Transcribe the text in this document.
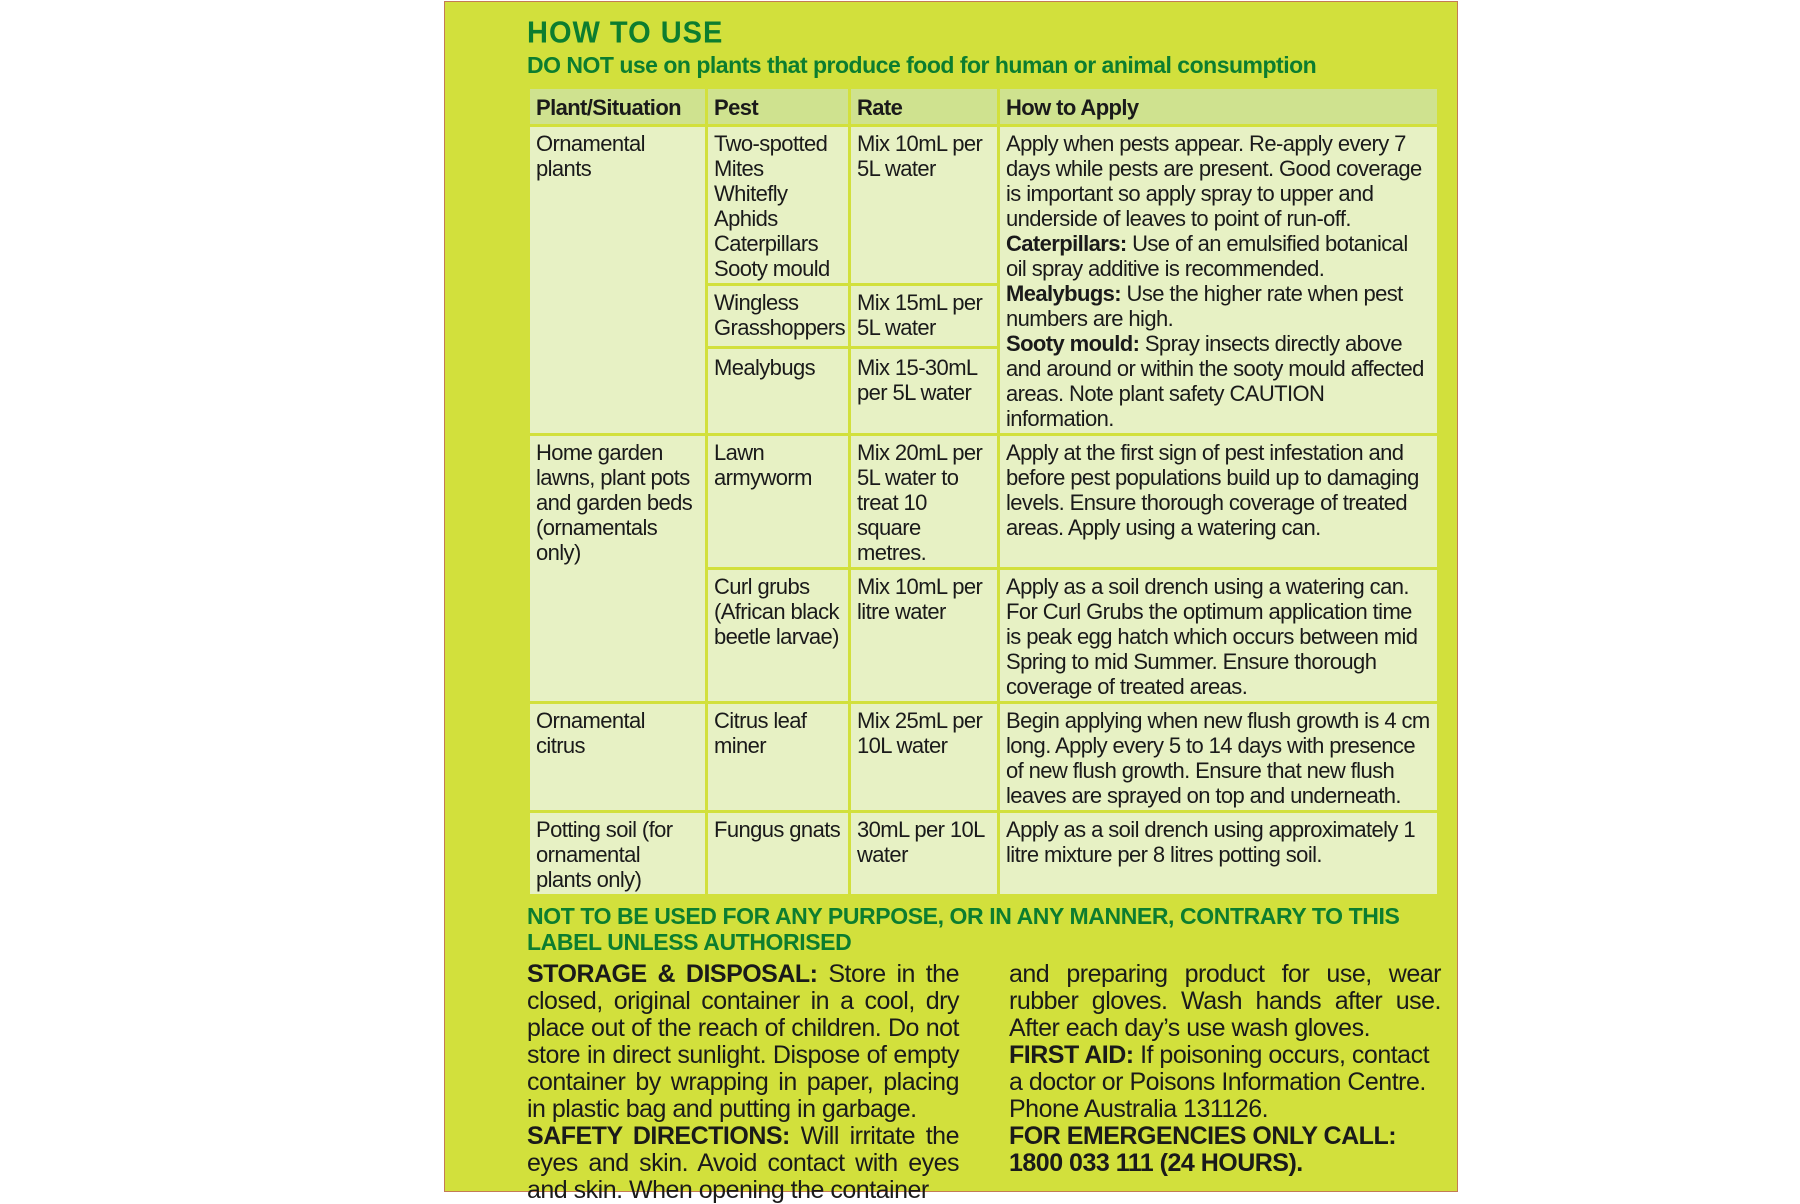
HOW TO USE
DO NOT use on plants that produce food for human or animal consumption
Plant/Situation	Pest	Rate	How to Apply
Ornamental plants	Two-spotted Mites Whitefly Aphids Caterpillars Sooty mould	Mix 10mL per 5L water	Apply when pests appear. Re-apply every 7 days while pests are present. Good coverage is important so apply spray to upper and underside of leaves to point of run-off.
Caterpillars: Use of an emulsified botanical oil spray additive is recommended.
Mealybugs: Use the higher rate when pest numbers are high.
Sooty mould: Spray insects directly above and around or within the sooty mould affected areas. Note plant safety CAUTION information.
	Wingless Grasshoppers	Mix 15mL per 5L water	
	Mealybugs	Mix 15-30mL per 5L water	
Home garden lawns, plant pots and garden beds (ornamentals only)	Lawn armyworm	Mix 20mL per 5L water to treat 10 square metres.	Apply at the first sign of pest infestation and before pest populations build up to damaging levels. Ensure thorough coverage of treated areas. Apply using a watering can.
	Curl grubs (African black beetle larvae)	Mix 10mL per litre water	Apply as a soil drench using a watering can. For Curl Grubs the optimum application time is peak egg hatch which occurs between mid Spring to mid Summer. Ensure thorough coverage of treated areas.
Ornamental citrus	Citrus leaf miner	Mix 25mL per 10L water	Begin applying when new flush growth is 4 cm long. Apply every 5 to 14 days with presence of new flush growth. Ensure that new flush leaves are sprayed on top and underneath.
Potting soil (for ornamental plants only)	Fungus gnats	30mL per 10L water	Apply as a soil drench using approximately 1 litre mixture per 8 litres potting soil.
NOT TO BE USED FOR ANY PURPOSE, OR IN ANY MANNER, CONTRARY TO THIS LABEL UNLESS AUTHORISED

STORAGE & DISPOSAL: Store in the closed, original container in a cool, dry place out of the reach of children. Do not store in direct sunlight. Dispose of empty container by wrapping in paper, placing in plastic bag and putting in garbage.

SAFETY DIRECTIONS: Will irritate the eyes and skin. Avoid contact with eyes and skin. When opening the container

and preparing product for use, wear rubber gloves. Wash hands after use. After each day’s use wash gloves.

FIRST AID: If poisoning occurs, contact a doctor or Poisons Information Centre. Phone Australia 131126.

FOR EMERGENCIES ONLY CALL:

1800 033 111 (24 HOURS).
